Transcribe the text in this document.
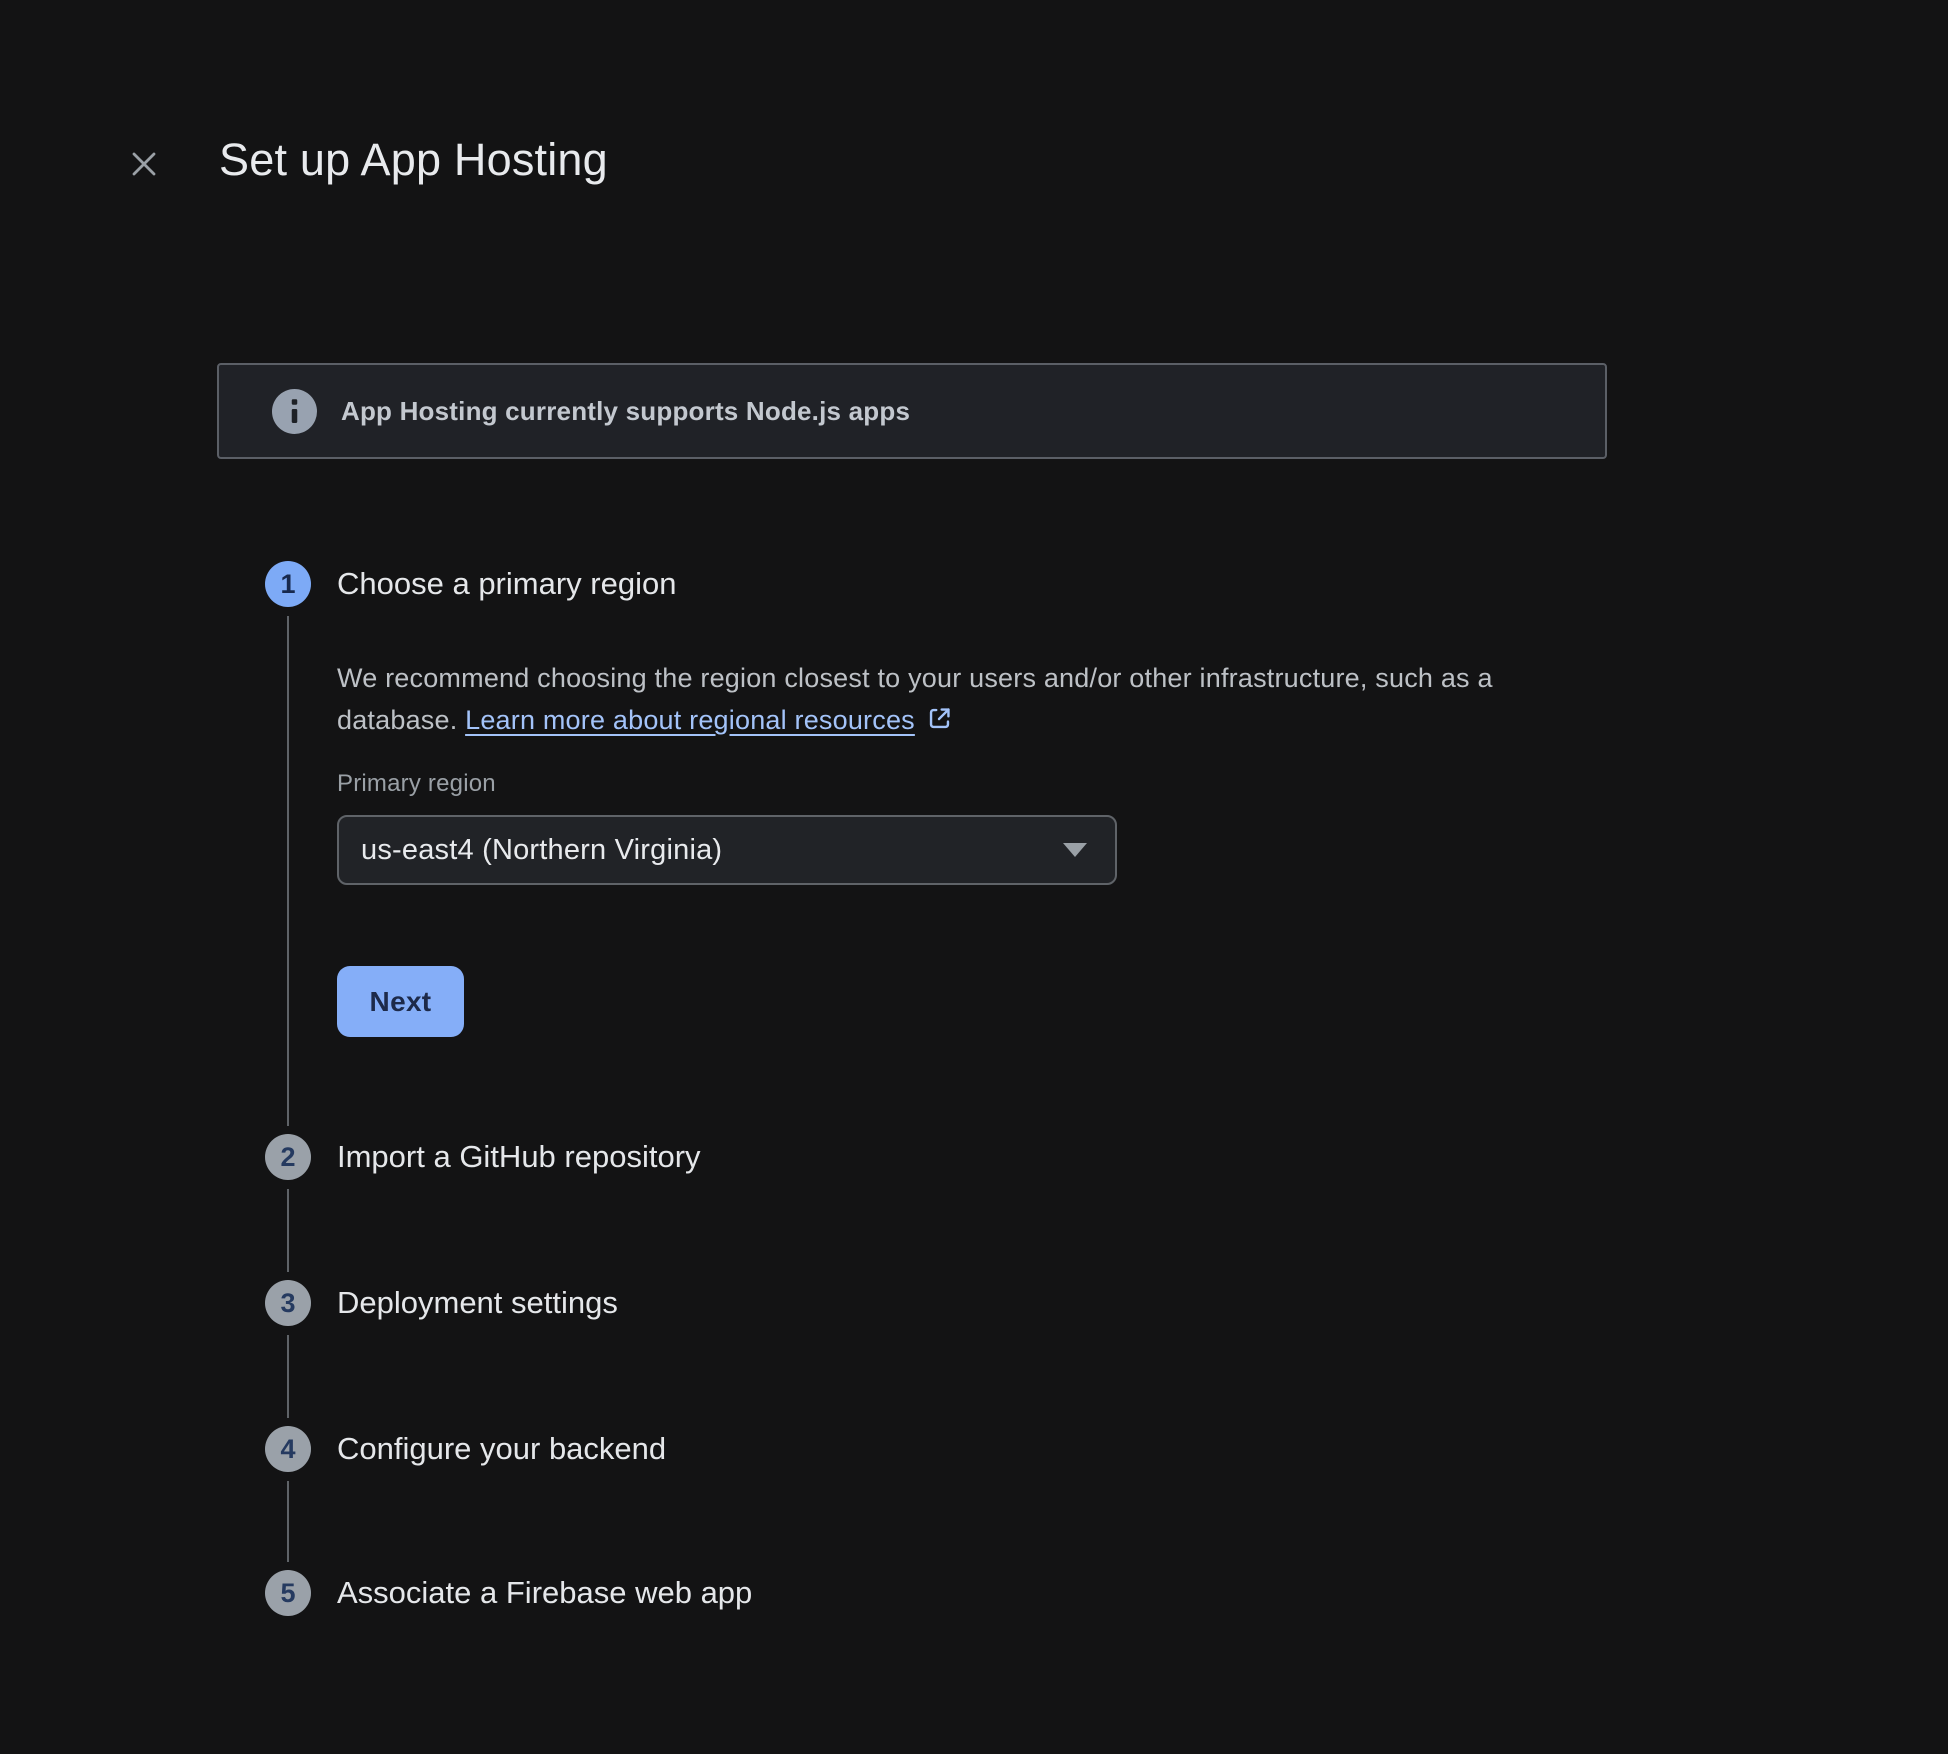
Set up App Hosting
App Hosting currently supports Node.js apps
1 Choose a primary region
2 Import a GitHub repository
3 Deployment settings
4 Configure your backend
5 Associate a Firebase web app
We recommend choosing the region closest to your users and/or other infrastructure, such as a
database. Learn more about regional resources
Primary region
us-east4 (Northern Virginia)
Next
